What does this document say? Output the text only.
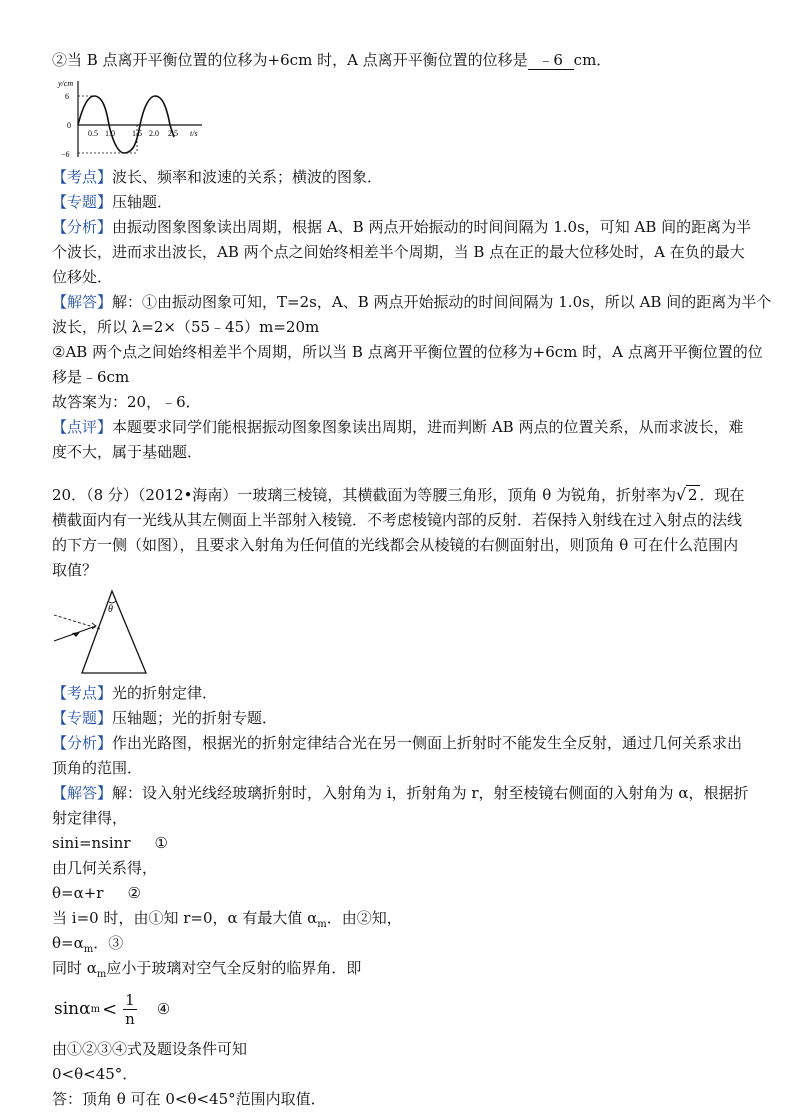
②当 B 点离开平衡位置的位移为+6cm 时，A 点离开平衡位置的位移是 ﹣6 cm．
y/cm
6
0
−6
0.5 1.0 1.5 2.0 2.5 t/s
【考点】波长、频率和波速的关系；横波的图象．
【专题】压轴题．
【分析】由振动图象图象读出周期，根据 A、B 两点开始振动的时间间隔为 1.0s，可知 AB 间的距离为半
个波长，进而求出波长，AB 两个点之间始终相差半个周期，当 B 点在正的最大位移处时，A 在负的最大
位移处．
【解答】解：①由振动图象可知，T=2s，A、B 两点开始振动的时间间隔为 1.0s，所以 AB 间的距离为半个
波长，所以 λ=2×（55﹣45）m=20m
②AB 两个点之间始终相差半个周期，所以当 B 点离开平衡位置的位移为+6cm 时，A 点离开平衡位置的位
移是﹣6cm
故答案为：20，﹣6．
【点评】本题要求同学们能根据振动图象图象读出周期，进而判断 AB 两点的位置关系，从而求波长，难
度不大，属于基础题．
20．（8 分）（2012•海南）一玻璃三棱镜，其横截面为等腰三角形，顶角 θ 为锐角，折射率为 √ 2 ．现在
横截面内有一光线从其左侧面上半部射入棱镜．不考虑棱镜内部的反射．若保持入射线在过入射点的法线
的下方一侧（如图），且要求入射角为任何值的光线都会从棱镜的右侧面射出，则顶角 θ 可在什么范围内
取值？
θ
【考点】光的折射定律．
【专题】压轴题；光的折射专题．
【分析】作出光路图，根据光的折射定律结合光在另一侧面上折射时不能发生全反射，通过几何关系求出
顶角的范围．
【解答】解：设入射光线经玻璃折射时，入射角为 i，折射角为 r，射至棱镜右侧面的入射角为 α，根据折
射定律得，
sini=nsinr ①
由几何关系得，
θ=α+r ②
当 i=0 时，由①知 r=0，α 有最大值 $\alpha_m$．由②知，
$\theta=\alpha_m$．③
同时 $\alpha_m$应小于玻璃对空气全反射的临界角．即
sinα $m < \frac{1}{n}$ ④
由①②③④式及题设条件可知
0<θ<45°．
答：顶角 θ 可在 0<θ<45°范围内取值．
